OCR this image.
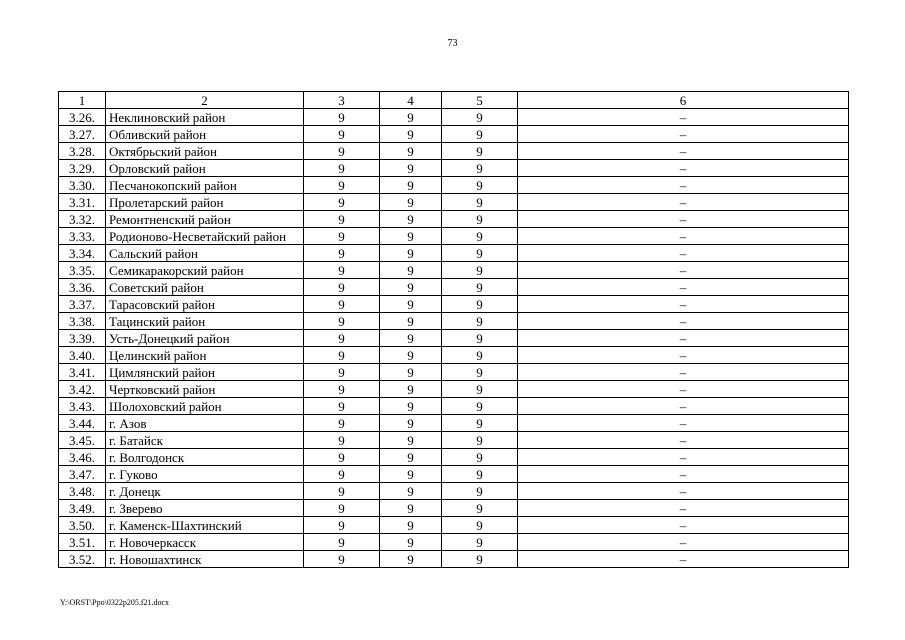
73
1	2	3	4	5	6
3.26.	Неклиновский район	9	9	9	–
3.27.	Обливский район	9	9	9	–
3.28.	Октябрьский район	9	9	9	–
3.29.	Орловский район	9	9	9	–
3.30.	Песчанокопский район	9	9	9	–
3.31.	Пролетарский район	9	9	9	–
3.32.	Ремонтненский район	9	9	9	–
3.33.	Родионово-Несветайский район	9	9	9	–
3.34.	Сальский район	9	9	9	–
3.35.	Семикаракорский район	9	9	9	–
3.36.	Советский район	9	9	9	–
3.37.	Тарасовский район	9	9	9	–
3.38.	Тацинский район	9	9	9	–
3.39.	Усть-Донецкий район	9	9	9	–
3.40.	Целинский район	9	9	9	–
3.41.	Цимлянский район	9	9	9	–
3.42.	Чертковский район	9	9	9	–
3.43.	Шолоховский район	9	9	9	–
3.44.	г. Азов	9	9	9	–
3.45.	г. Батайск	9	9	9	–
3.46.	г. Волгодонск	9	9	9	–
3.47.	г. Гуково	9	9	9	–
3.48.	г. Донецк	9	9	9	–
3.49.	г. Зверево	9	9	9	–
3.50.	г. Каменск-Шахтинский	9	9	9	–
3.51.	г. Новочеркасск	9	9	9	–
3.52.	г. Новошахтинск	9	9	9	–
Y:\ORST\Ppo\0322p205.f21.docx
